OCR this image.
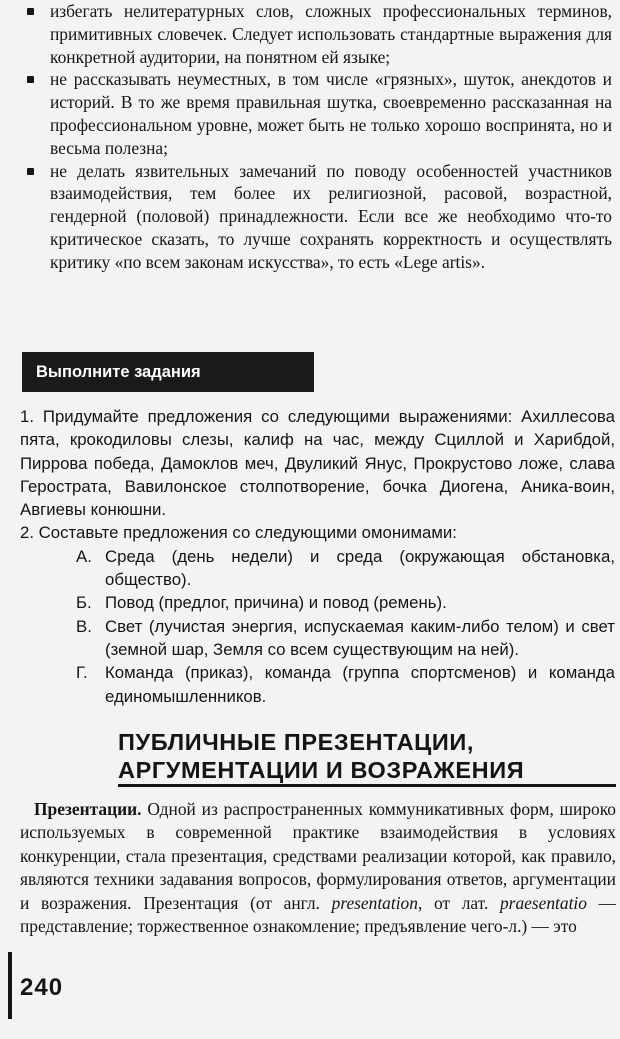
избегать нелитературных слов, сложных профессиональных терминов, примитивных словечек. Следует использовать стандартные выражения для конкретной аудитории, на понятном ей языке;
не рассказывать неуместных, в том числе «грязных», шуток, анекдотов и историй. В то же время правильная шутка, своевременно рассказанная на профессиональном уровне, может быть не только хорошо воспринята, но и весьма полезна;
не делать язвительных замечаний по поводу особенностей участников взаимодействия, тем более их религиозной, расовой, возрастной, гендерной (половой) принадлежности. Если все же необходимо что-то критическое сказать, то лучше сохранять корректность и осуществлять критику «по всем законам искусства», то есть «Lege artis».
Выполните задания
1. Придумайте предложения со следующими выражениями: Ахиллесова пята, крокодиловы слезы, калиф на час, между Сциллой и Харибдой, Пиррова победа, Дамоклов меч, Двуликий Янус, Прокрустово ложе, слава Герострата, Вавилонское столпотворение, бочка Диогена, Аника-воин, Авгиевы конюшни.
2. Составьте предложения со следующими омонимами:
А. Среда (день недели) и среда (окружающая обстановка, общество).
Б. Повод (предлог, причина) и повод (ремень).
В. Свет (лучистая энергия, испускаемая каким-либо телом) и свет (земной шар, Земля со всем существующим на ней).
Г. Команда (приказ), команда (группа спортсменов) и команда единомышленников.
ПУБЛИЧНЫЕ ПРЕЗЕНТАЦИИ,
АРГУМЕНТАЦИИ И ВОЗРАЖЕНИЯ
Презентации. Одной из распространенных коммуникативных форм, широко используемых в современной практике взаимодействия в условиях конкуренции, стала презентация, средствами реализации которой, как правило, являются техники задавания вопросов, формулирования ответов, аргументации и возражения. Презентация (от англ. presentation, от лат. praesentatio — представление; торжественное ознакомление; предъявление чего-л.) — это
240
